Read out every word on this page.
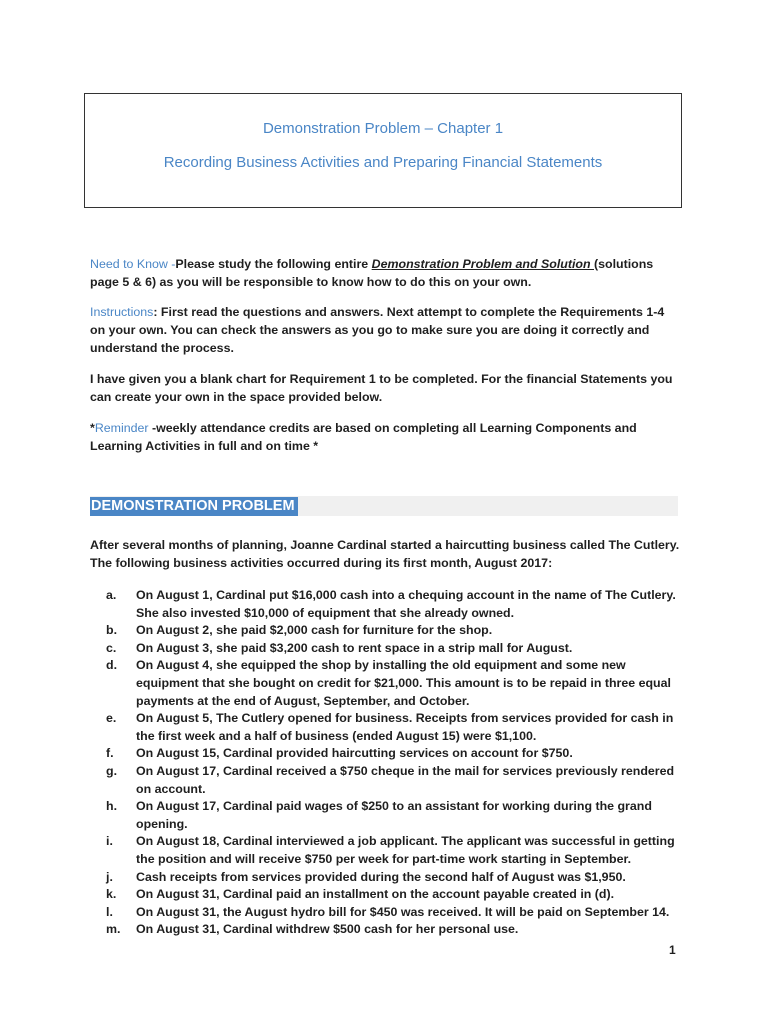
Demonstration Problem – Chapter 1
Recording Business Activities and Preparing Financial Statements
Need to Know -Please study the following entire Demonstration Problem and Solution (solutions page 5 & 6) as you will be responsible to know how to do this on your own.
Instructions: First read the questions and answers. Next attempt to complete the Requirements 1-4 on your own. You can check the answers as you go to make sure you are doing it correctly and understand the process.
I have given you a blank chart for Requirement 1 to be completed. For the financial Statements you can create your own in the space provided below.
*Reminder -weekly attendance credits are based on completing all Learning Components and Learning Activities in full and on time *
DEMONSTRATION PROBLEM
After several months of planning, Joanne Cardinal started a haircutting business called The Cutlery. The following business activities occurred during its first month, August 2017:
a. On August 1, Cardinal put $16,000 cash into a chequing account in the name of The Cutlery. She also invested $10,000 of equipment that she already owned.
b. On August 2, she paid $2,000 cash for furniture for the shop.
c. On August 3, she paid $3,200 cash to rent space in a strip mall for August.
d. On August 4, she equipped the shop by installing the old equipment and some new equipment that she bought on credit for $21,000. This amount is to be repaid in three equal payments at the end of August, September, and October.
e. On August 5, The Cutlery opened for business. Receipts from services provided for cash in the first week and a half of business (ended August 15) were $1,100.
f. On August 15, Cardinal provided haircutting services on account for $750.
g. On August 17, Cardinal received a $750 cheque in the mail for services previously rendered on account.
h. On August 17, Cardinal paid wages of $250 to an assistant for working during the grand opening.
i. On August 18, Cardinal interviewed a job applicant. The applicant was successful in getting the position and will receive $750 per week for part-time work starting in September.
j. Cash receipts from services provided during the second half of August was $1,950.
k. On August 31, Cardinal paid an installment on the account payable created in (d).
l. On August 31, the August hydro bill for $450 was received. It will be paid on September 14.
m. On August 31, Cardinal withdrew $500 cash for her personal use.
1
